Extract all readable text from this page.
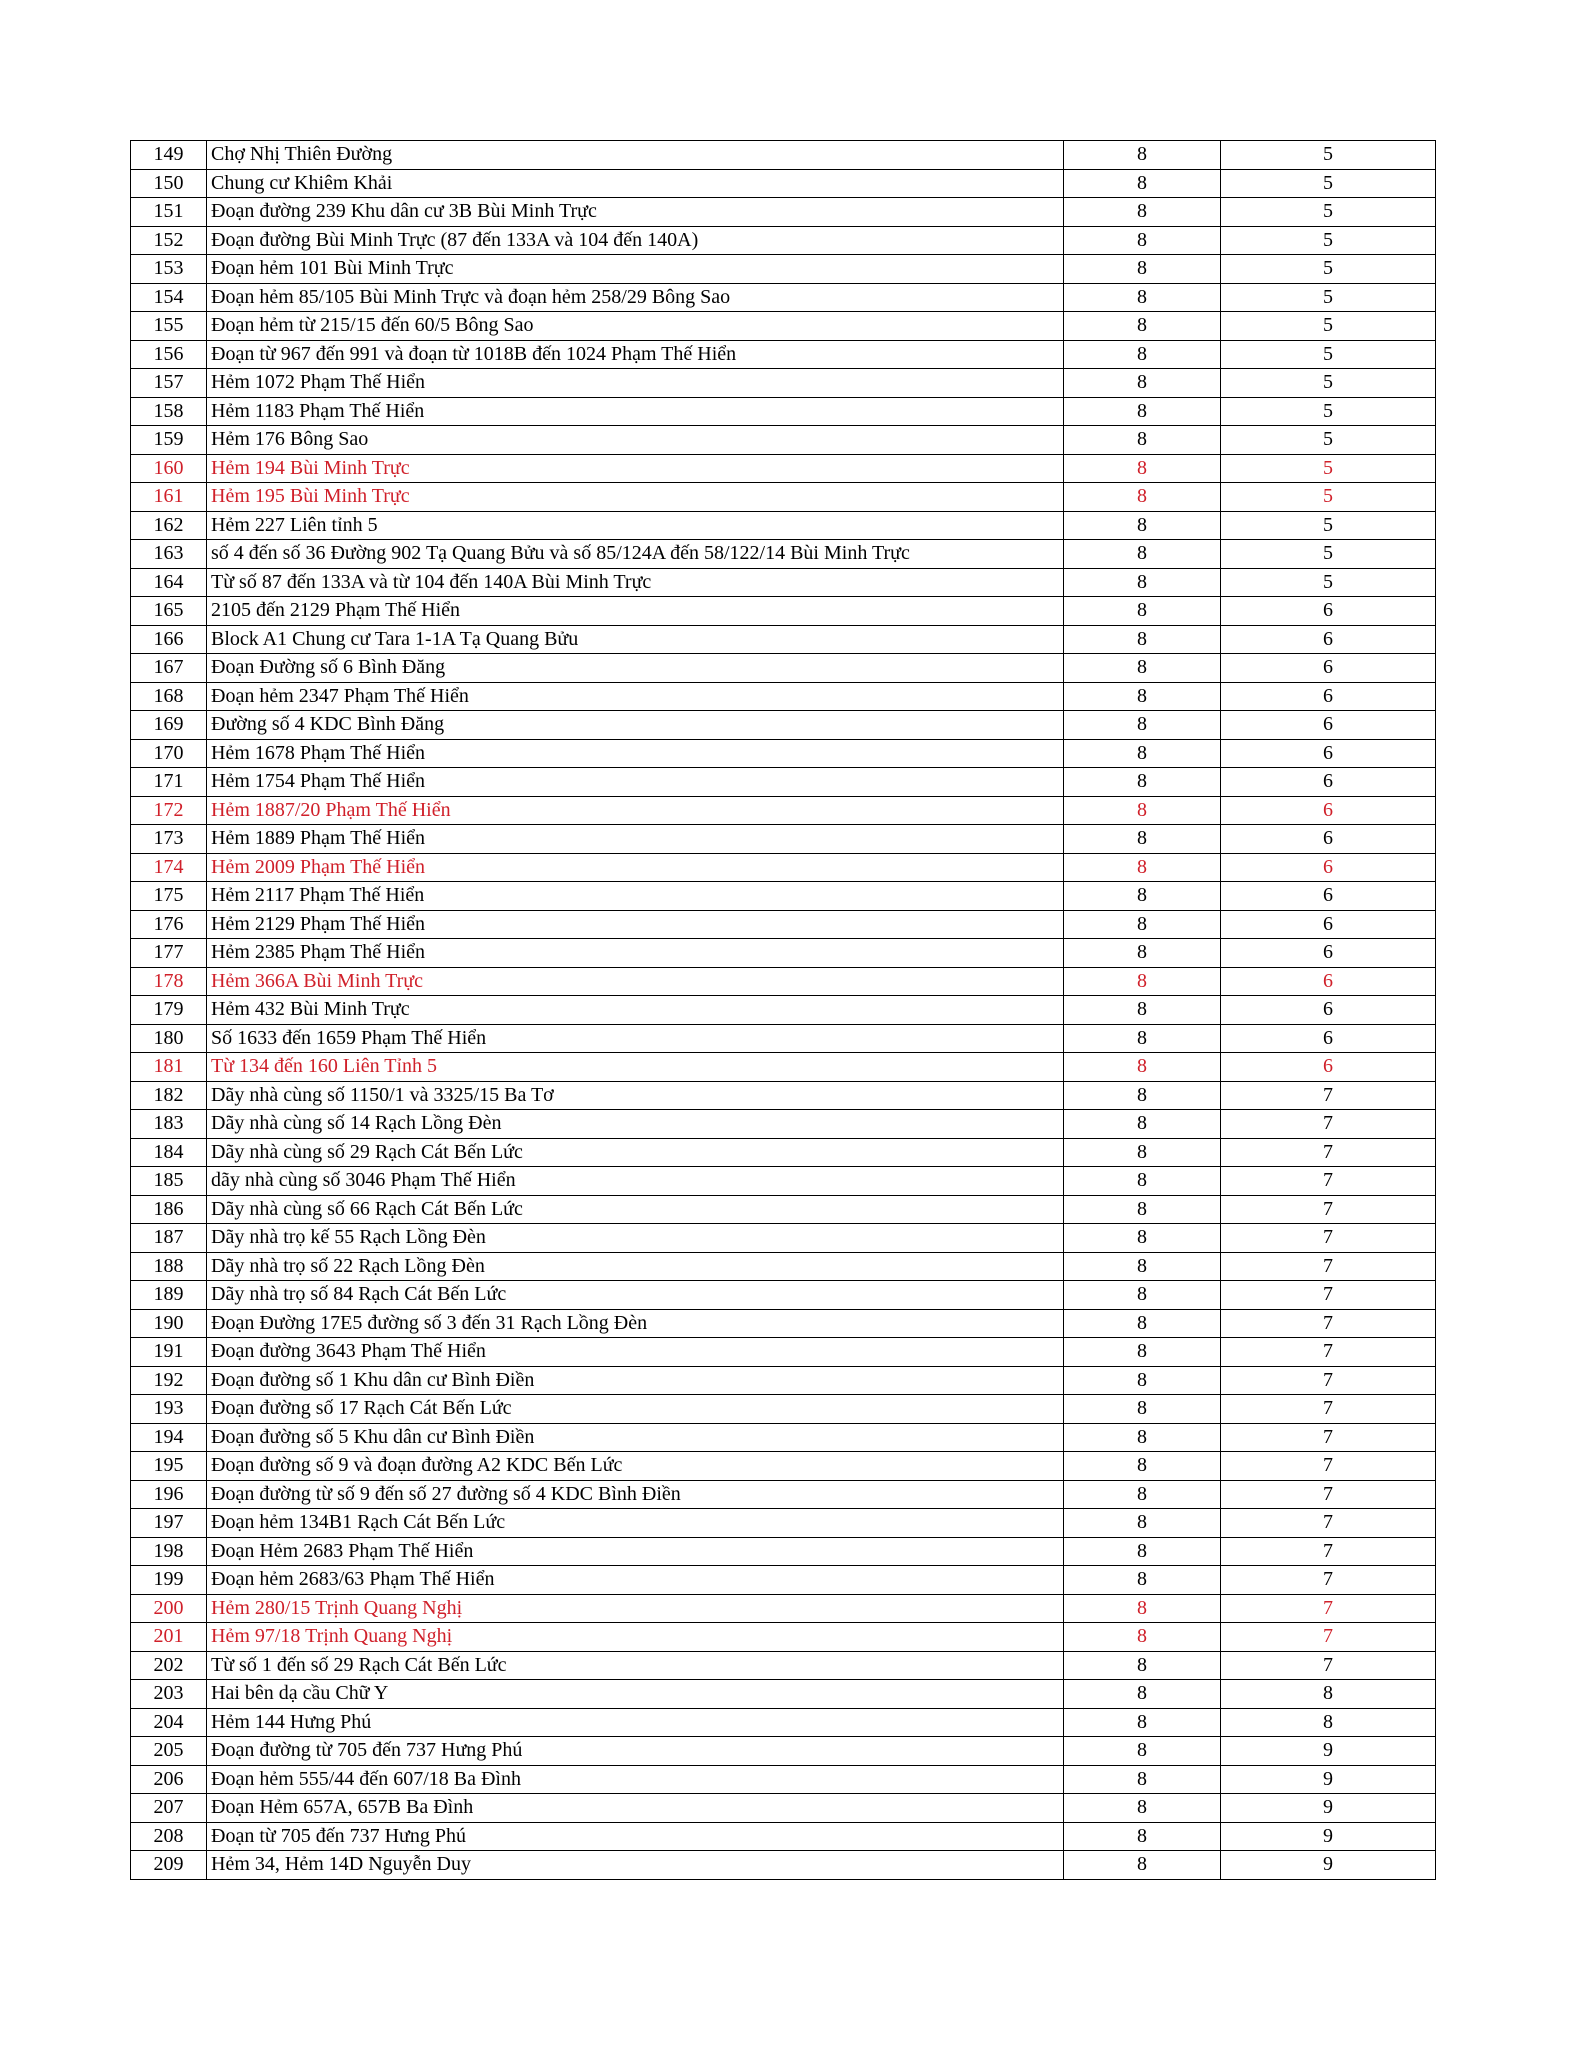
149	Chợ Nhị Thiên Đường	8	5
150	Chung cư Khiêm Khải	8	5
151	Đoạn đường 239 Khu dân cư 3B Bùi Minh Trực	8	5
152	Đoạn đường Bùi Minh Trực (87 đến 133A và 104 đến 140A)	8	5
153	Đoạn hẻm 101 Bùi Minh Trực	8	5
154	Đoạn hẻm 85/105 Bùi Minh Trực và đoạn hẻm 258/29 Bông Sao	8	5
155	Đoạn hẻm từ 215/15 đến 60/5 Bông Sao	8	5
156	Đoạn từ 967 đến 991 và đoạn từ 1018B đến 1024 Phạm Thế Hiển	8	5
157	Hẻm 1072 Phạm Thế Hiển	8	5
158	Hẻm 1183 Phạm Thế Hiển	8	5
159	Hẻm 176 Bông Sao	8	5
160	Hẻm 194 Bùi Minh Trực	8	5
161	Hẻm 195 Bùi Minh Trực	8	5
162	Hẻm 227 Liên tỉnh 5	8	5
163	số 4 đến số 36 Đường 902 Tạ Quang Bửu và số 85/124A đến 58/122/14 Bùi Minh Trực	8	5
164	Từ số 87 đến 133A và từ 104 đến 140A Bùi Minh Trực	8	5
165	2105 đến 2129 Phạm Thế Hiển	8	6
166	Block A1 Chung cư Tara 1-1A Tạ Quang Bửu	8	6
167	Đoạn Đường số 6 Bình Đăng	8	6
168	Đoạn hẻm 2347 Phạm Thế Hiển	8	6
169	Đường số 4 KDC Bình Đăng	8	6
170	Hẻm 1678 Phạm Thế Hiển	8	6
171	Hẻm 1754 Phạm Thế Hiển	8	6
172	Hẻm 1887/20 Phạm Thế Hiển	8	6
173	Hẻm 1889 Phạm Thế Hiển	8	6
174	Hẻm 2009 Phạm Thế Hiển	8	6
175	Hẻm 2117 Phạm Thế Hiển	8	6
176	Hẻm 2129 Phạm Thế Hiển	8	6
177	Hẻm 2385 Phạm Thế Hiển	8	6
178	Hẻm 366A Bùi Minh Trực	8	6
179	Hẻm 432 Bùi Minh Trực	8	6
180	Số 1633 đến 1659 Phạm Thế Hiển	8	6
181	Từ 134 đến 160 Liên Tỉnh 5	8	6
182	Dãy nhà cùng số 1150/1 và 3325/15 Ba Tơ	8	7
183	Dãy nhà cùng số 14 Rạch Lồng Đèn	8	7
184	Dãy nhà cùng số 29 Rạch Cát Bến Lức	8	7
185	dãy nhà cùng số 3046 Phạm Thế Hiển	8	7
186	Dãy nhà cùng số 66 Rạch Cát Bến Lức	8	7
187	Dãy nhà trọ kế 55 Rạch Lồng Đèn	8	7
188	Dãy nhà trọ số 22 Rạch Lồng Đèn	8	7
189	Dãy nhà trọ số 84 Rạch Cát Bến Lức	8	7
190	Đoạn Đường 17E5 đường số 3 đến 31 Rạch Lồng Đèn	8	7
191	Đoạn đường 3643 Phạm Thế Hiển	8	7
192	Đoạn đường số 1 Khu dân cư Bình Điền	8	7
193	Đoạn đường số 17 Rạch Cát Bến Lức	8	7
194	Đoạn đường số 5 Khu dân cư Bình Điền	8	7
195	Đoạn đường số 9 và đoạn đường A2 KDC Bến Lức	8	7
196	Đoạn đường từ số 9 đến số 27 đường số 4 KDC Bình Điền	8	7
197	Đoạn hẻm 134B1 Rạch Cát Bến Lức	8	7
198	Đoạn Hẻm 2683 Phạm Thế Hiển	8	7
199	Đoạn hẻm 2683/63 Phạm Thế Hiển	8	7
200	Hẻm 280/15 Trịnh Quang Nghị	8	7
201	Hẻm 97/18 Trịnh Quang Nghị	8	7
202	Từ số 1 đến số 29 Rạch Cát Bến Lức	8	7
203	Hai bên dạ cầu Chữ Y	8	8
204	Hẻm 144 Hưng Phú	8	8
205	Đoạn đường từ 705 đến 737 Hưng Phú	8	9
206	Đoạn hẻm 555/44 đến 607/18 Ba Đình	8	9
207	Đoạn Hẻm 657A, 657B Ba Đình	8	9
208	Đoạn từ 705 đến 737 Hưng Phú	8	9
209	Hẻm 34, Hẻm 14D Nguyễn Duy	8	9
